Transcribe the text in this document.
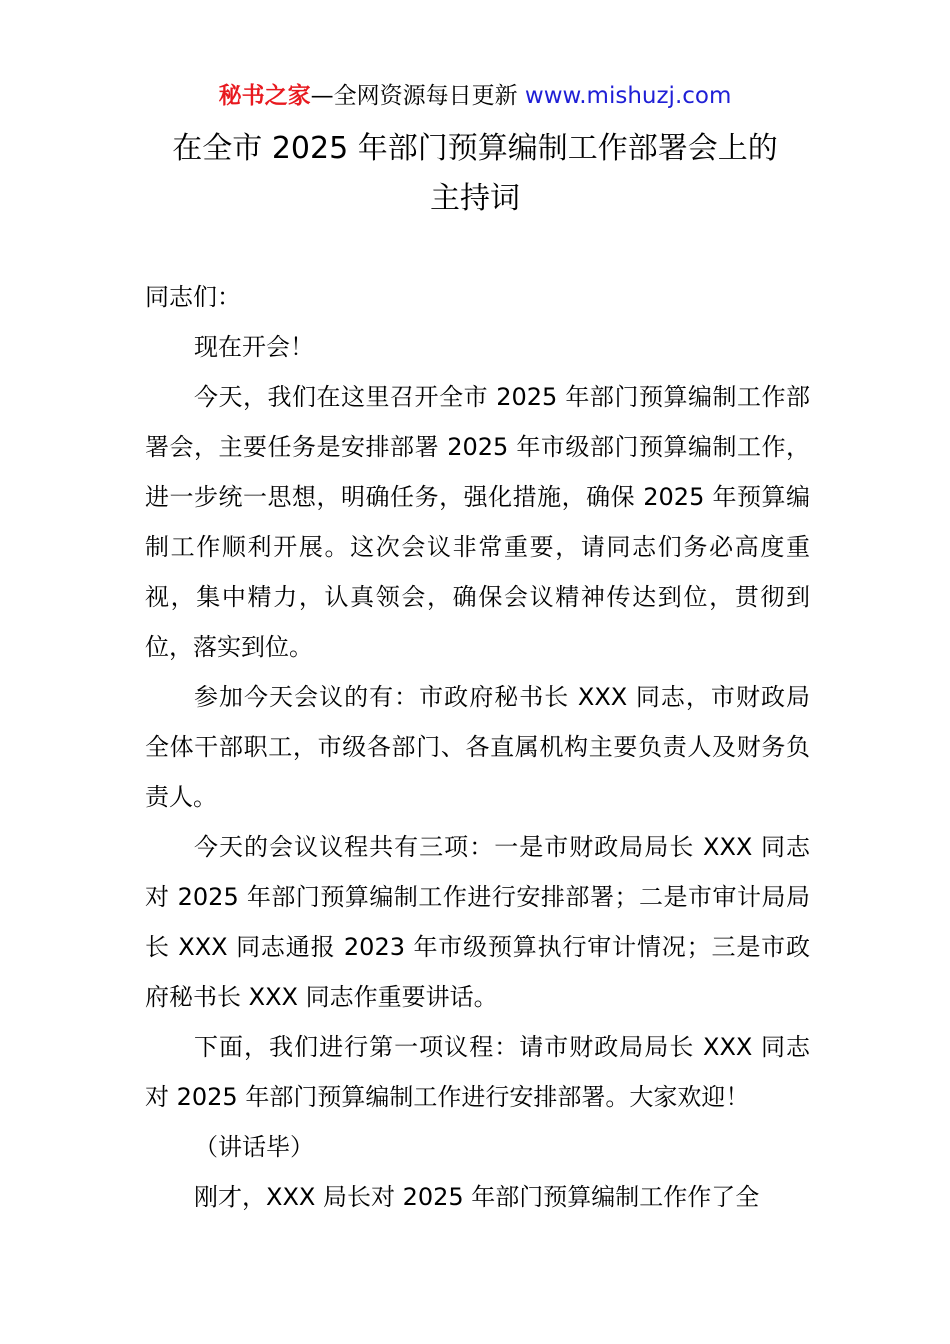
秘书之家—全网资源每日更新 www.mishuzj.com
在全市 2025 年部门预算编制工作部署会上的
主持词

同志们：

现在开会！

今天，我们在这里召开全市 2025 年部门预算编制工作部署会，主要任务是安排部署 2025 年市级部门预算编制工作，进一步统一思想，明确任务，强化措施，确保 2025 年预算编制工作顺利开展。这次会议非常重要，请同志们务必高度重视，集中精力，认真领会，确保会议精神传达到位，贯彻到位，落实到位。

参加今天会议的有：市政府秘书长 XXX 同志，市财政局全体干部职工，市级各部门、各直属机构主要负责人及财务负责人。

今天的会议议程共有三项：一是市财政局局长 XXX 同志对 2025 年部门预算编制工作进行安排部署；二是市审计局局长 XXX 同志通报 2023 年市级预算执行审计情况；三是市政府秘书长 XXX 同志作重要讲话。

下面，我们进行第一项议程：请市财政局局长 XXX 同志对 2025 年部门预算编制工作进行安排部署。大家欢迎！

（讲话毕）

刚才，XXX 局长对 2025 年部门预算编制工作作了全
